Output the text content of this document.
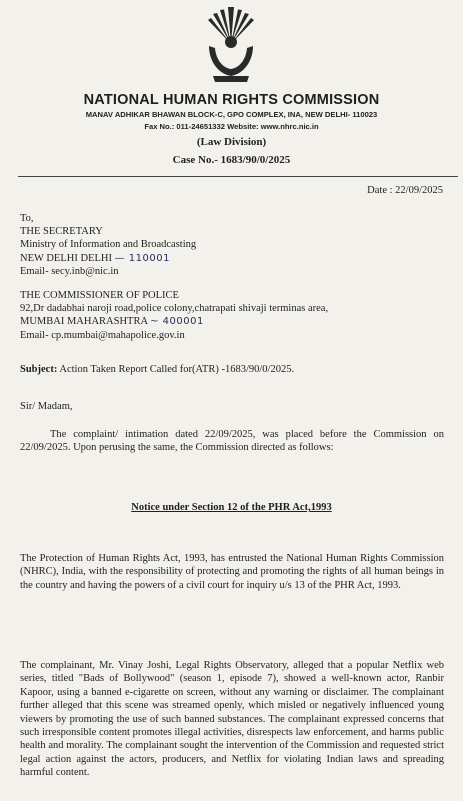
NATIONAL HUMAN RIGHTS COMMISSION
MANAV ADHIKAR BHAWAN BLOCK-C, GPO COMPLEX, INA, NEW DELHI- 110023
Fax No.: 011-24651332 Website: www.nhrc.nic.in
(Law Division)
Case No.- 1683/90/0/2025
Date : 22/09/2025
To,
THE SECRETARY
Ministry of Information and Broadcasting
NEW DELHI DELHI — 110001
Email- secy.inb@nic.in
THE COMMISSIONER OF POLICE
92,Dr dadabhai naroji road,police colony,chatrapati shivaji terminas area,
MUMBAI MAHARASHTRA ~ 400001
Email- cp.mumbai@mahapolice.gov.in
Subject: Action Taken Report Called for(ATR) -1683/90/0/2025.
Sir/ Madam,
The complaint/ intimation dated 22/09/2025, was placed before the Commission on 22/09/2025. Upon perusing the same, the Commission directed as follows:
Notice under Section 12 of the PHR Act,1993
The Protection of Human Rights Act, 1993, has entrusted the National Human Rights Commission (NHRC), India, with the responsibility of protecting and promoting the rights of all human beings in the country and having the powers of a civil court for inquiry u/s 13 of the PHR Act, 1993.
The complainant, Mr. Vinay Joshi, Legal Rights Observatory, alleged that a popular Netflix web series, titled "Bads of Bollywood" (season 1, episode 7), showed a well-known actor, Ranbir Kapoor, using a banned e-cigarette on screen, without any warning or disclaimer. The complainant further alleged that this scene was streamed openly, which misled or negatively influenced young viewers by promoting the use of such banned substances. The complainant expressed concerns that such irresponsible content promotes illegal activities, disrespects law enforcement, and harms public health and morality. The complainant sought the intervention of the Commission and requested strict legal action against the actors, producers, and Netflix for violating Indian laws and spreading harmful content.
